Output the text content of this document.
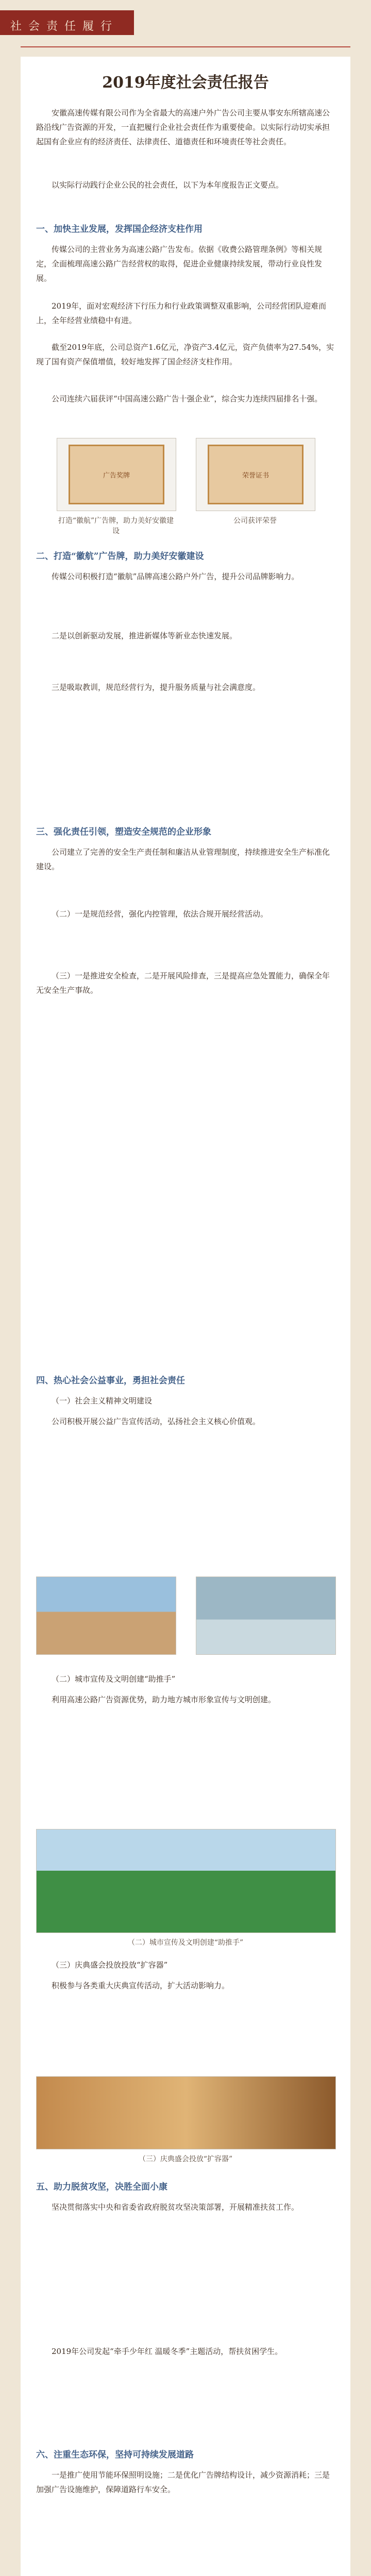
社 会 责 任 履 行
2019年度社会责任报告
安徽高速传媒有限公司作为全省最大的高速户外广告公司主要从事安东所辖高速公路沿线广告资源的开发，一直把履行企业社会责任作为重要使命。以实际行动切实承担起国有企业应有的经济责任、法律责任、道德责任和环境责任等社会责任。
以实际行动践行企业公民的社会责任，以下为本年度报告正文要点。
一、加快主业发展，发挥国企经济支柱作用
传媒公司的主营业务为高速公路广告发布。依据《收费公路管理条例》等相关规定，全面梳理高速公路广告经营权的取得，促进企业健康持续发展，带动行业良性发展。
2019年，面对宏观经济下行压力和行业政策调整双重影响，公司经营团队迎难而上，全年经营业绩稳中有进。
截至2019年底，公司总资产1.6亿元，净资产3.4亿元，资产负债率为27.54%，实现了国有资产保值增值，较好地发挥了国企经济支柱作用。
公司连续六届获评“中国高速公路广告十强企业”，综合实力连续四届排名十强。
广告奖牌	荣誉证书
打造“徽航”广告牌，助力美好安徽建设
公司获评荣誉
二、打造“徽航”广告牌，助力美好安徽建设
传媒公司积极打造“徽航”品牌高速公路户外广告，提升公司品牌影响力。
二是以创新驱动发展，推进新媒体等新业态快速发展。
三是吸取教训，规范经营行为，提升服务质量与社会满意度。
三、强化责任引领，塑造安全规范的企业形象
公司建立了完善的安全生产责任制和廉洁从业管理制度，持续推进安全生产标准化建设。
（二）一是规范经营，强化内控管理，依法合规开展经营活动。
（三）一是推进安全检查，二是开展风险排查，三是提高应急处置能力，确保全年无安全生产事故。
四、热心社会公益事业，勇担社会责任
（一）社会主义精神文明建设
公司积极开展公益广告宣传活动，弘扬社会主义核心价值观。
（二）城市宣传及文明创建“助推手”
利用高速公路广告资源优势，助力地方城市形象宣传与文明创建。
（二）城市宣传及文明创建“助推手”
（三）庆典盛会投放投放“扩容器”
积极参与各类重大庆典宣传活动，扩大活动影响力。
（三）庆典盛会投放“扩容器”
五、助力脱贫攻坚，决胜全面小康
坚决贯彻落实中央和省委省政府脱贫攻坚决策部署，开展精准扶贫工作。
2019年公司发起“牵手少年红 温暖冬季”主题活动，帮扶贫困学生。
六、注重生态环保，坚持可持续发展道路
一是推广使用节能环保照明设施；二是优化广告牌结构设计，减少资源消耗；三是加强广告设施维护，保障道路行车安全。
